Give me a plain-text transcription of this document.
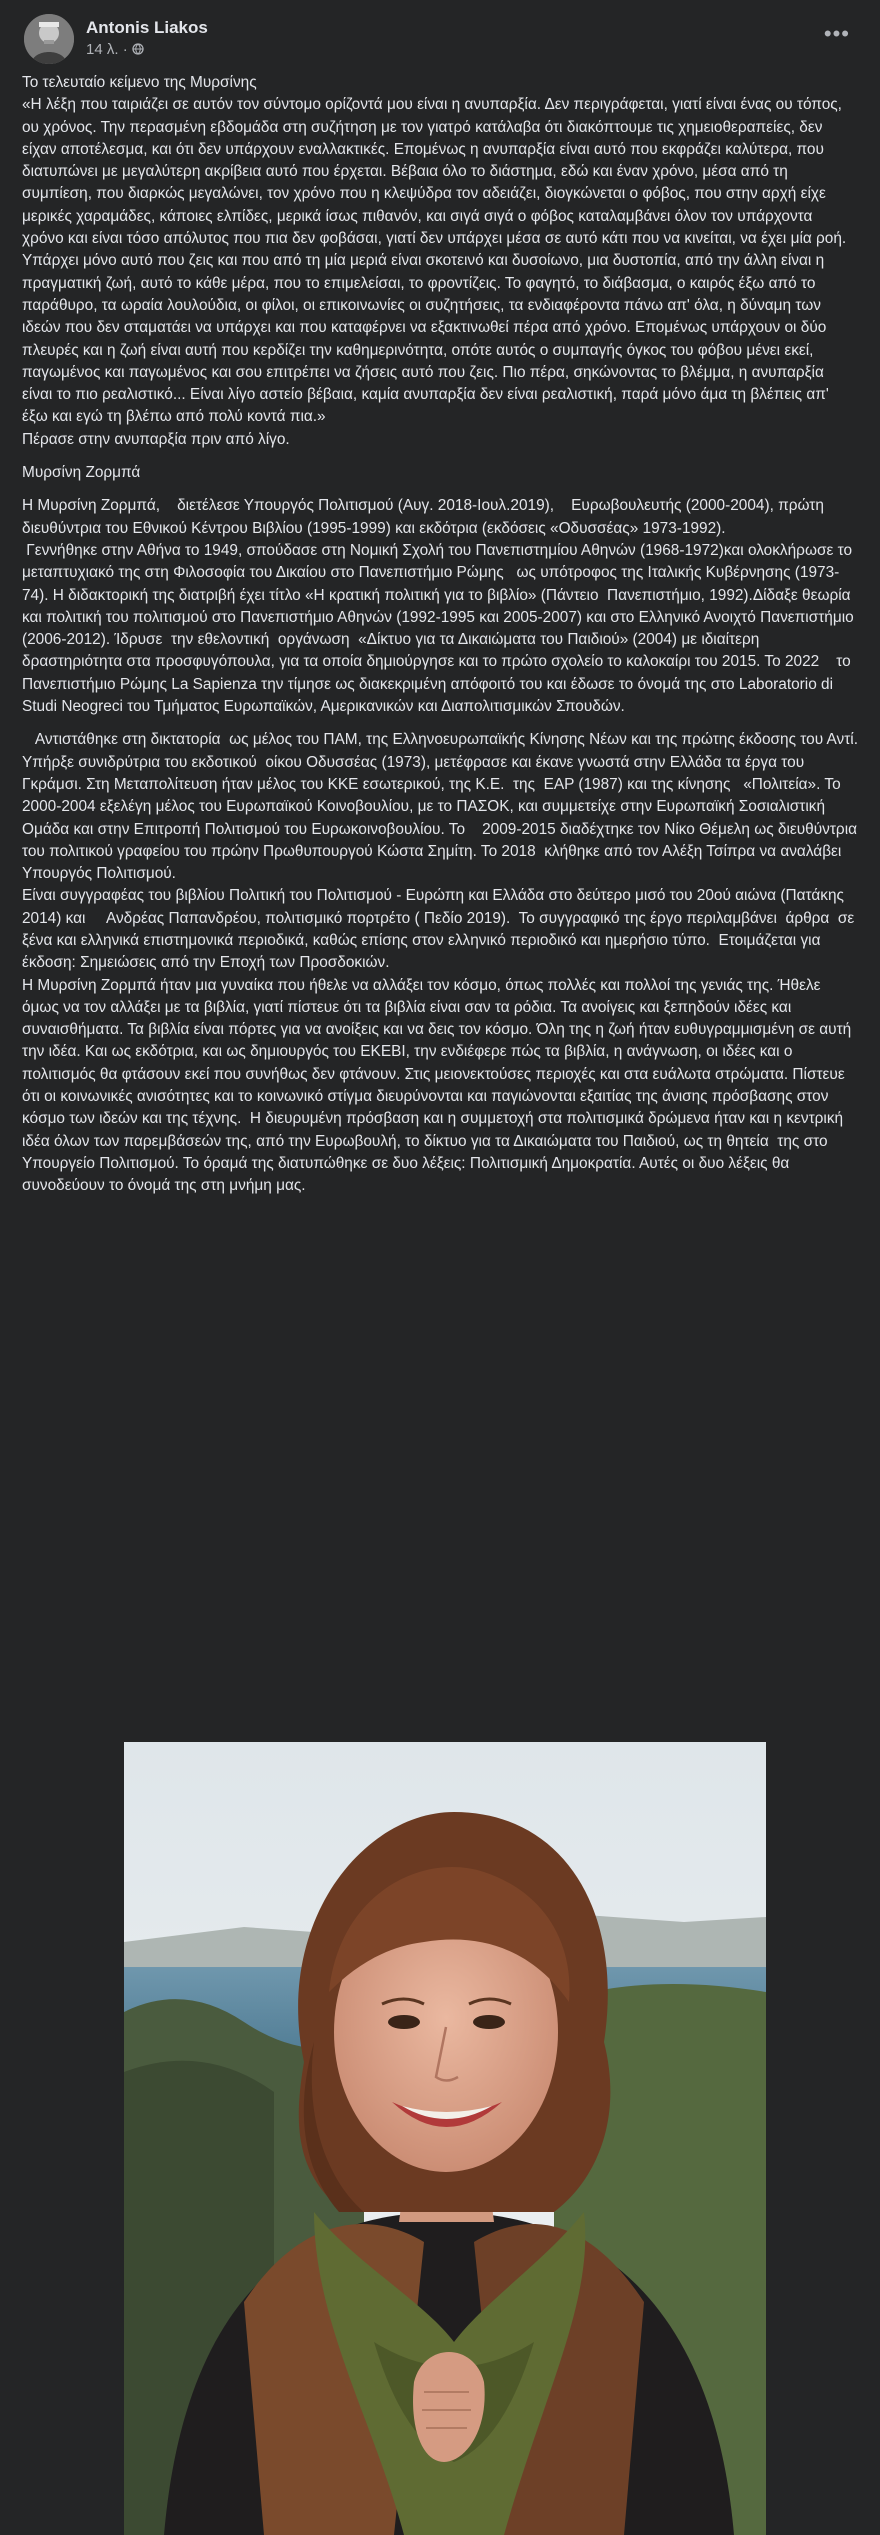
Antonis Liakos
14 λ. ·
•••

Το τελευταίο κείμενο της Μυρσίνης
«Η λέξη που ταιριάζει σε αυτόν τον σύντομο ορίζοντά μου είναι η ανυπαρξία. Δεν περιγράφεται, γιατί είναι ένας ου τόπος, ου χρόνος. Την περασμένη εβδομάδα στη συζήτηση με τον γιατρό κατάλαβα ότι διακόπτουμε τις χημειοθεραπείες, δεν είχαν αποτέλεσμα, και ότι δεν υπάρχουν εναλλακτικές. Επομένως η ανυπαρξία είναι αυτό που εκφράζει καλύτερα, που διατυπώνει με μεγαλύτερη ακρίβεια αυτό που έρχεται. Βέβαια όλο το διάστημα, εδώ και έναν χρόνο, μέσα από τη συμπίεση, που διαρκώς μεγαλώνει, τον χρόνο που η κλεψύδρα τον αδειάζει, διογκώνεται ο φόβος, που στην αρχή είχε μερικές χαραμάδες, κάποιες ελπίδες, μερικά ίσως πιθανόν, και σιγά σιγά ο φόβος καταλαμβάνει όλον τον υπάρχοντα χρόνο και είναι τόσο απόλυτος που πια δεν φοβάσαι, γιατί δεν υπάρχει μέσα σε αυτό κάτι που να κινείται, να έχει μία ροή. Υπάρχει μόνο αυτό που ζεις και που από τη μία μεριά είναι σκοτεινό και δυσοίωνο, μια δυστοπία, από την άλλη είναι η πραγματική ζωή, αυτό το κάθε μέρα, που το επιμελείσαι, το φροντίζεις. Το φαγητό, το διάβασμα, ο καιρός έξω από το παράθυρο, τα ωραία λουλούδια, οι φίλοι, οι επικοινωνίες οι συζητήσεις, τα ενδιαφέροντα πάνω απ' όλα, η δύναμη των ιδεών που δεν σταματάει να υπάρχει και που καταφέρνει να εξακτινωθεί πέρα από χρόνο. Επομένως υπάρχουν οι δύο πλευρές και η ζωή είναι αυτή που κερδίζει την καθημερινότητα, οπότε αυτός ο συμπαγής όγκος του φόβου μένει εκεί, παγωμένος και παγωμένος και σου επιτρέπει να ζήσεις αυτό που ζεις. Πιο πέρα, σηκώνοντας το βλέμμα, η ανυπαρξία είναι το πιο ρεαλιστικό... Είναι λίγο αστείο βέβαια, καμία ανυπαρξία δεν είναι ρεαλιστική, παρά μόνο άμα τη βλέπεις απ' έξω και εγώ τη βλέπω από πολύ κοντά πια.»
Πέρασε στην ανυπαρξία πριν από λίγο.

Μυρσίνη Ζορμπά

Η Μυρσίνη Ζορμπά,    διετέλεσε Υπουργός Πολιτισμού (Αυγ. 2018-Ιουλ.2019),    Ευρωβουλευτής (2000-2004), πρώτη διευθύντρια του Εθνικού Κέντρου Βιβλίου (1995-1999) και εκδότρια (εκδόσεις «Οδυσσέας» 1973-1992).
Γεννήθηκε στην Αθήνα το 1949, σπούδασε στη Νομική Σχολή του Πανεπιστημίου Αθηνών (1968-1972)και ολοκλήρωσε το μεταπτυχιακό της στη Φιλοσοφία του Δικαίου στο Πανεπιστήμιο Ρώμης   ως υπότροφος της Ιταλικής Κυβέρνησης (1973-74). Η διδακτορική της διατριβή έχει τίτλο «Η κρατική πολιτική για το βιβλίο» (Πάντειο  Πανεπιστήμιο, 1992).Δίδαξε θεωρία και πολιτική του πολιτισμού στο Πανεπιστήμιο Αθηνών (1992-1995 και 2005-2007) και στο Ελληνικό Ανοιχτό Πανεπιστήμιο (2006-2012). Ίδρυσε  την εθελοντική  οργάνωση  «Δίκτυο για τα Δικαιώματα του Παιδιού» (2004) με ιδιαίτερη δραστηριότητα στα προσφυγόπουλα, για τα οποία δημιούργησε και το πρώτο σχολείο το καλοκαίρι του 2015. Το 2022    το Πανεπιστήμιο Ρώμης La Sapienza την τίμησε ως διακεκριμένη απόφοιτό του και έδωσε το όνομά της στο Laboratorio di Studi Neogreci του Τμήματος Ευρωπαϊκών, Αμερικανικών και Διαπολιτισμικών Σπουδών.

Αντιστάθηκε στη δικτατορία  ως μέλος του ΠΑΜ, της Ελληνοευρωπαϊκής Κίνησης Νέων και της πρώτης έκδοσης του Αντί. Υπήρξε συνιδρύτρια του εκδοτικού  οίκου Οδυσσέας (1973), μετέφρασε και έκανε γνωστά στην Ελλάδα τα έργα του Γκράμσι. Στη Μεταπολίτευση ήταν μέλος του ΚΚΕ εσωτερικού, της Κ.Ε.  της  ΕΑΡ (1987) και της κίνησης   «Πολιτεία». Το 2000-2004 εξελέγη μέλος του Ευρωπαϊκού Κοινοβουλίου, με το ΠΑΣΟΚ, και συμμετείχε στην Ευρωπαϊκή Σοσιαλιστική Ομάδα και στην Επιτροπή Πολιτισμού του Ευρωκοινοβουλίου. Το    2009-2015 διαδέχτηκε τον Νίκο Θέμελη ως διευθύντρια του πολιτικού γραφείου του πρώην Πρωθυπουργού Κώστα Σημίτη. Το 2018  κλήθηκε από τον Αλέξη Τσίπρα να αναλάβει Υπουργός Πολιτισμού.
Είναι συγγραφέας του βιβλίου Πολιτική του Πολιτισμού - Ευρώπη και Ελλάδα στο δεύτερο μισό του 20ού αιώνα (Πατάκης  2014) και     Ανδρέας Παπανδρέου, πολιτισμικό πορτρέτο ( Πεδίο 2019).  Το συγγραφικό της έργο περιλαμβάνει  άρθρα  σε ξένα και ελληνικά επιστημονικά περιοδικά, καθώς επίσης στον ελληνικό περιοδικό και ημερήσιο τύπο.  Ετοιμάζεται για έκδοση: Σημειώσεις από την Εποχή των Προσδοκιών.
Η Μυρσίνη Ζορμπά ήταν μια γυναίκα που ήθελε να αλλάξει τον κόσμο, όπως πολλές και πολλοί της γενιάς της. Ήθελε όμως να τον αλλάξει με τα βιβλία, γιατί πίστευε ότι τα βιβλία είναι σαν τα ρόδια. Τα ανοίγεις και ξεπηδούν ιδέες και συναισθήματα. Τα βιβλία είναι πόρτες για να ανοίξεις και να δεις τον κόσμο. Όλη της η ζωή ήταν ευθυγραμμισμένη σε αυτή την ιδέα. Και ως εκδότρια, και ως δημιουργός του ΕΚΕΒΙ, την ενδιέφερε πώς τα βιβλία, η ανάγνωση, οι ιδέες και ο πολιτισμός θα φτάσουν εκεί που συνήθως δεν φτάνουν. Στις μειονεκτούσες περιοχές και στα ευάλωτα στρώματα. Πίστευε ότι οι κοινωνικές ανισότητες και το κοινωνικό στίγμα διευρύνονται και παγιώνονται εξαιτίας της άνισης πρόσβασης στον κόσμο των ιδεών και της τέχνης.  Η διευρυμένη πρόσβαση και η συμμετοχή στα πολιτισμικά δρώμενα ήταν και η κεντρική ιδέα όλων των παρεμβάσεών της, από την Ευρωβουλή, το δίκτυο για τα Δικαιώματα του Παιδιού, ως τη θητεία  της στο Υπουργείο Πολιτισμού. Το όραμά της διατυπώθηκε σε δυο λέξεις: Πολιτισμική Δημοκρατία. Αυτές οι δυο λέξεις θα συνοδεύουν το όνομά της στη μνήμη μας.
